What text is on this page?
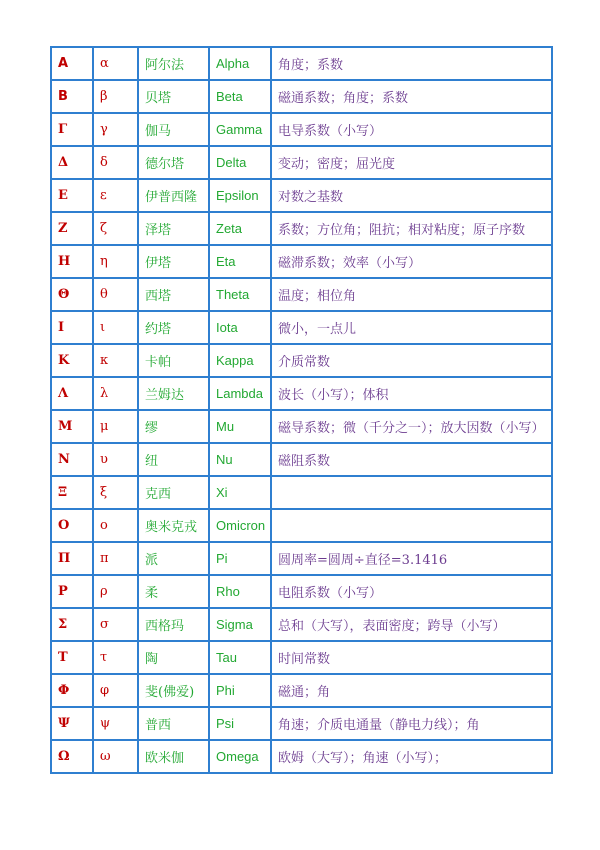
Α	α	阿尔法	Alpha	角度；系数
Β	β	贝塔	Beta	磁通系数；角度；系数
Γ	γ	伽马	Gamma	电导系数（小写）
Δ	δ	德尔塔	Delta	变动；密度；屈光度
Ε	ε	伊普西隆	Epsilon	对数之基数
Ζ	ζ	泽塔	Zeta	系数；方位角；阻抗；相对粘度；原子序数
Η	η	伊塔	Eta	磁滞系数；效率（小写）
Θ	θ	西塔	Theta	温度；相位角
Ι	ι	约塔	Iota	微小，一点儿
Κ	κ	卡帕	Kappa	介质常数
Λ	λ	兰姆达	Lambda	波长（小写）；体积
Μ	μ	缪	Mu	磁导系数；微（千分之一）；放大因数（小写）
Ν	υ	纽	Nu	磁阻系数
Ξ	ξ	克西	Xi	
Ο	ο	奥米克戎	Omicron	
Π	π	派	Pi	圆周率=圆周÷直径=3.1416
Ρ	ρ	柔	Rho	电阻系数（小写）
Σ	σ	西格玛	Sigma	总和（大写），表面密度；跨导（小写）
Τ	τ	陶	Tau	时间常数
Φ	φ	斐(佛爱)	Phi	磁通；角
Ψ	ψ	普西	Psi	角速；介质电通量（静电力线）；角
Ω	ω	欧米伽	Omega	欧姆（大写）；角速（小写）；
